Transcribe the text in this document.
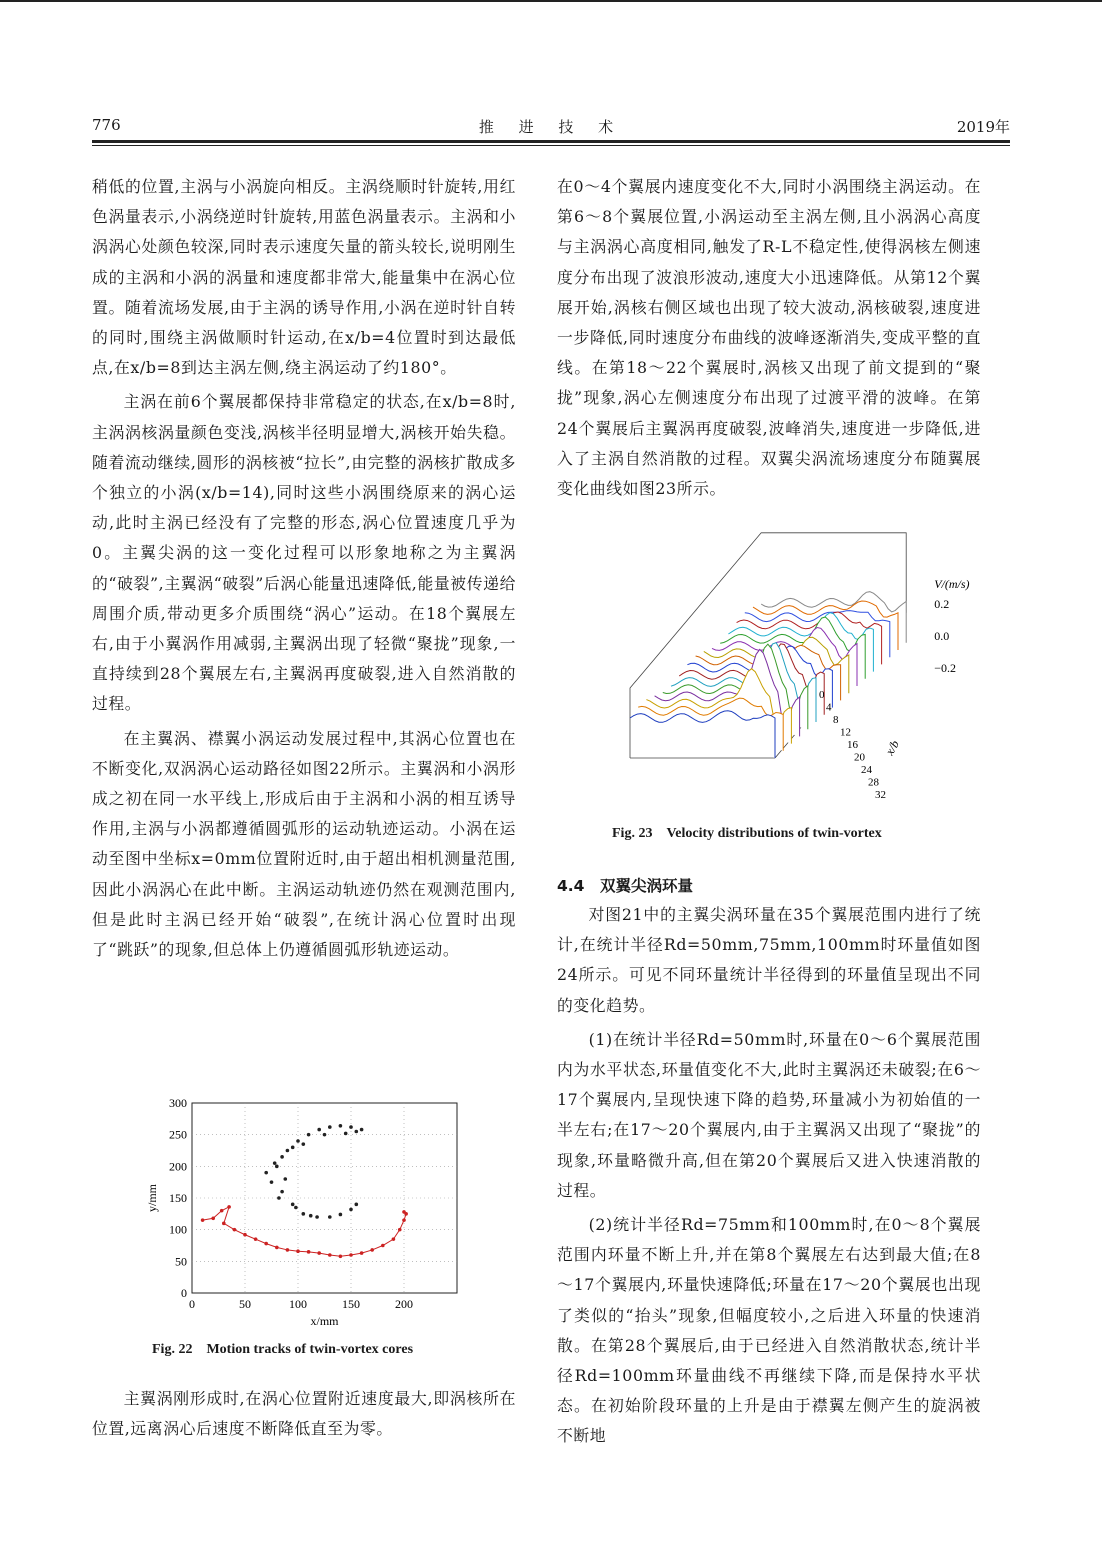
776	推 进 技 术	2019年

稍低的位置,主涡与小涡旋向相反。主涡绕顺时针旋转,用红色涡量表示,小涡绕逆时针旋转,用蓝色涡量表示。主涡和小涡涡心处颜色较深,同时表示速度矢量的箭头较长,说明刚生成的主涡和小涡的涡量和速度都非常大,能量集中在涡心位置。随着流场发展,由于主涡的诱导作用,小涡在逆时针自转的同时,围绕主涡做顺时针运动,在x/b=4位置时到达最低点,在x/b=8到达主涡左侧,绕主涡运动了约180°。

主涡在前6个翼展都保持非常稳定的状态,在x/b=8时,主涡涡核涡量颜色变浅,涡核半径明显增大,涡核开始失稳。随着流动继续,圆形的涡核被“拉长”,由完整的涡核扩散成多个独立的小涡(x/b=14),同时这些小涡围绕原来的涡心运动,此时主涡已经没有了完整的形态,涡心位置速度几乎为0。主翼尖涡的这一变化过程可以形象地称之为主翼涡的“破裂”,主翼涡“破裂”后涡心能量迅速降低,能量被传递给周围介质,带动更多介质围绕“涡心”运动。在18个翼展左右,由于小翼涡作用减弱,主翼涡出现了轻微“聚拢”现象,一直持续到28个翼展左右,主翼涡再度破裂,进入自然消散的过程。

在主翼涡、襟翼小涡运动发展过程中,其涡心位置也在不断变化,双涡涡心运动路径如图22所示。主翼涡和小涡形成之初在同一水平线上,形成后由于主涡和小涡的相互诱导作用,主涡与小涡都遵循圆弧形的运动轨迹运动。小涡在运动至图中坐标x=0mm位置附近时,由于超出相机测量范围,因此小涡涡心在此中断。主涡运动轨迹仍然在观测范围内,但是此时主涡已经开始“破裂”,在统计涡心位置时出现了“跳跃”的现象,但总体上仍遵循圆弧形轨迹运动。

0	50	100	150	200
0
50
100
150
200
250
300
x/mm
y/mm
Fig. 22　Motion tracks of twin-vortex cores

主翼涡刚形成时,在涡心位置附近速度最大,即涡核所在位置,远离涡心后速度不断降低直至为零。

在0～4个翼展内速度变化不大,同时小涡围绕主涡运动。在第6～8个翼展位置,小涡运动至主涡左侧,且小涡涡心高度与主涡涡心高度相同,触发了R-L不稳定性,使得涡核左侧速度分布出现了波浪形波动,速度大小迅速降低。从第12个翼展开始,涡核右侧区域也出现了较大波动,涡核破裂,速度进一步降低,同时速度分布曲线的波峰逐渐消失,变成平整的直线。在第18～22个翼展时,涡核又出现了前文提到的“聚拢”现象,涡心左侧速度分布出现了过渡平滑的波峰。在第24个翼展后主翼涡再度破裂,波峰消失,速度进一步降低,进入了主涡自然消散的过程。双翼尖涡流场速度分布随翼展变化曲线如图23所示。

0.2
0.0
−0.2
V/(m/s)
0
4
8
12
16
20
24
28
32
x/b
Fig. 23　Velocity distributions of twin-vortex
4.4　双翼尖涡环量

对图21中的主翼尖涡环量在35个翼展范围内进行了统计,在统计半径Rd=50mm,75mm,100mm时环量值如图24所示。可见不同环量统计半径得到的环量值呈现出不同的变化趋势。

(1)在统计半径Rd=50mm时,环量在0～6个翼展范围内为水平状态,环量值变化不大,此时主翼涡还未破裂;在6～17个翼展内,呈现快速下降的趋势,环量减小为初始值的一半左右;在17～20个翼展内,由于主翼涡又出现了“聚拢”的现象,环量略微升高,但在第20个翼展后又进入快速消散的过程。

(2)统计半径Rd=75mm和100mm时,在0～8个翼展范围内环量不断上升,并在第8个翼展左右达到最大值;在8～17个翼展内,环量快速降低;环量在17～20个翼展也出现了类似的“抬头”现象,但幅度较小,之后进入环量的快速消散。在第28个翼展后,由于已经进入自然消散状态,统计半径Rd=100mm环量曲线不再继续下降,而是保持水平状态。在初始阶段环量的上升是由于襟翼左侧产生的旋涡被不断地
